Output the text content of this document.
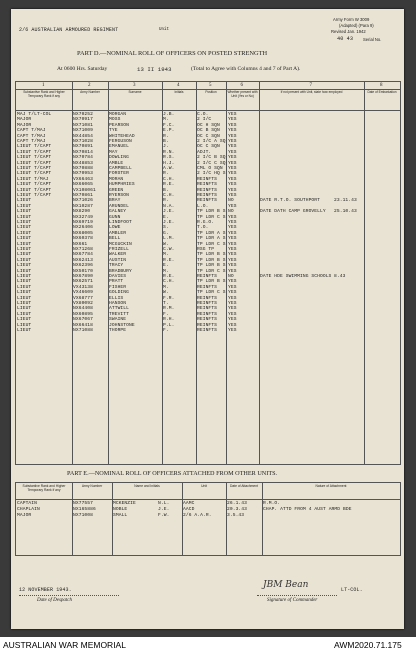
2/6 AUSTRALIAN ARMOURED REGIMENT	Unit
Army Form W 3009
(Adapted) (Para 9)
Revised Jan. 1942
40 43 Serial No.
PART D.—NOMINAL ROLL OF OFFICERS ON POSTED STRENGTH
At 0600 Hrs. Saturday	13 II 1943	(Total to Agree with Columns 4 and 7 of Part A).
1	2	3	4	5	6	7	8
Substantive Rank and Higher Temporary Rank if any
Army Number	Surname	Initials	Position	Whether present with Unit (Yes or No)
If not present with Unit, state how employed	Date of Embarkation
MAJ T/LT-COL	NX70252	MORGAN	J.B.	C.O.	YES
MAJOR	NX70917	MOSS	M.	2 I/C	YES
MAJOR	NX71081	PEARSON	F.C.	OC H SQN YES
CAPT T/MAJ	NX71009	TYE	E.P.	OC B SQN YES
CAPT T/MAJ	NX44854	WHITEHEAD	R.	OC C SQN YES
CAPT T/MAJ	NX71028	FERGUSON	B.	2 I/C A SQ YES
LIEUT T/CAPT	NX70891	EMANUEL	J.	OC C SQN YES
LIEUT T/CAPT	NX70814	MAY	R.N.	ADJT.	YES
LIEUT T/CAPT	NX70784	DOWLING	R.S.	2 I/C B SQ YES
LIEUT T/CAPT	NX48853	AMBLE	H.J.	2 I/C C SQ YES
LIEUT T/CAPT	NX70888	CAMPBELL	A.W.	CML O SQN YES
LIEUT T/CAPT	NX70953	FORSTER	R.	2 I/C HQ S YES
LIEUT T/MAJ	VX66463	MORAN	C.H.	REINFTS YES
LIEUT T/CAPT	NX66065	HUMPHRIES	R.E.	REINFTS YES
LIEUT T/CAPT	VX108061	GREEN	B.	REINFTS YES
LIEUT T/CAPT	NX70861	RYERSON	C.H.	REINFTS YES
LIEUT	NX71026	BRAY	R.	REINFTS NO	DATE R.T.O. SOUTHPORT	23.11.43
LIEUT	NX10287	ARUNDEL	N.A.	L.O.	YES
LIEUT	NX8290	GALNEY	J.E.	TP LDR B S NO	DATE DATH CAMP GROVELLY 25.10.43
LIEUT	NX32749	GUNN	E.	TP LDR C S YES
LIEUT	NX69719	LINDFOOT	J.E.	R.G.O.	YES
LIEUT	NX26406	LOWE	S.	T.O.	YES
LIEUT	NX68005	AMBLER	G.	TP LDR A S YES
LIEUT	NX60378	BELL	L.M.	TP LDR A S YES
LIEUT	NX661	MCGUCKIN	W.	TP LDR C S YES
LIEUT	NX71268	FRIZELL	C.W.	RSG TP	YES
LIEUT	NX67784	WALKER	M.	TP LDR B S YES
LIEUT	NX62413	AUSTIN	R.E.	TP LDR B S YES
LIEUT	NX62396	TRACY	E.	TP LDR B S YES
LIEUT	NX50170	BRADBURY	M.	TP LDR C S YES
LIEUT	NX67890	DAVIES	R.E.	REINFTS NO	DATE HDE SWIMMING SCHOOLS 8.43
LIEUT	NX62571	PRATT	C.H.	TP LDR B S YES
LIEUT	VX43138	FISHER	M.	REINFTS YES
LIEUT	VX46609	GOLDING	W.	TP LDR C S YES
LIEUT	VX68777	ELLIS	F.R.	REINFTS YES
LIEUT	VX80092	HANSON	T.	REINFTS YES
LIEUT	NX64408	ATTWILL	R.M.	REINFTS YES
LIEUT	NX60895	TREVITT	F.	REINFTS YES
LIEUT	NX67067	SWAINE	R.H.	REINFTS YES
LIEUT	NX66418	JOHNSTONE	P.L.	REINFTS YES
LIEUT	NX71088	THORPE	F.	REINFTS YES
PART E.—NOMINAL ROLL OF OFFICERS ATTACHED FROM OTHER UNITS.
Substantive Rank and Higher Temporary Rank if any
Army Number	Name and Initials	Unit	Date of Attachment	Nature of Attachment
CAPTAIN	NX77557	MCKENZIE	N.L.	AAMC	26.1.43	R.M.O.
CHAPLAIN	NX165886	NOBLE	J.E.	AACD	20.3.43	CHAP. ATTD FROM 4 AUST ARMD BDE
MAJOR	NX71008	SMALL	F.W.	2/6 A.A.R.	3.5.43
12 NOVEMBER 1943.
Date of Despatch
JBM Bean	LT-COL.
Signature of Commander
AUSTRALIAN WAR MEMORIAL	AWM2020.71.175
